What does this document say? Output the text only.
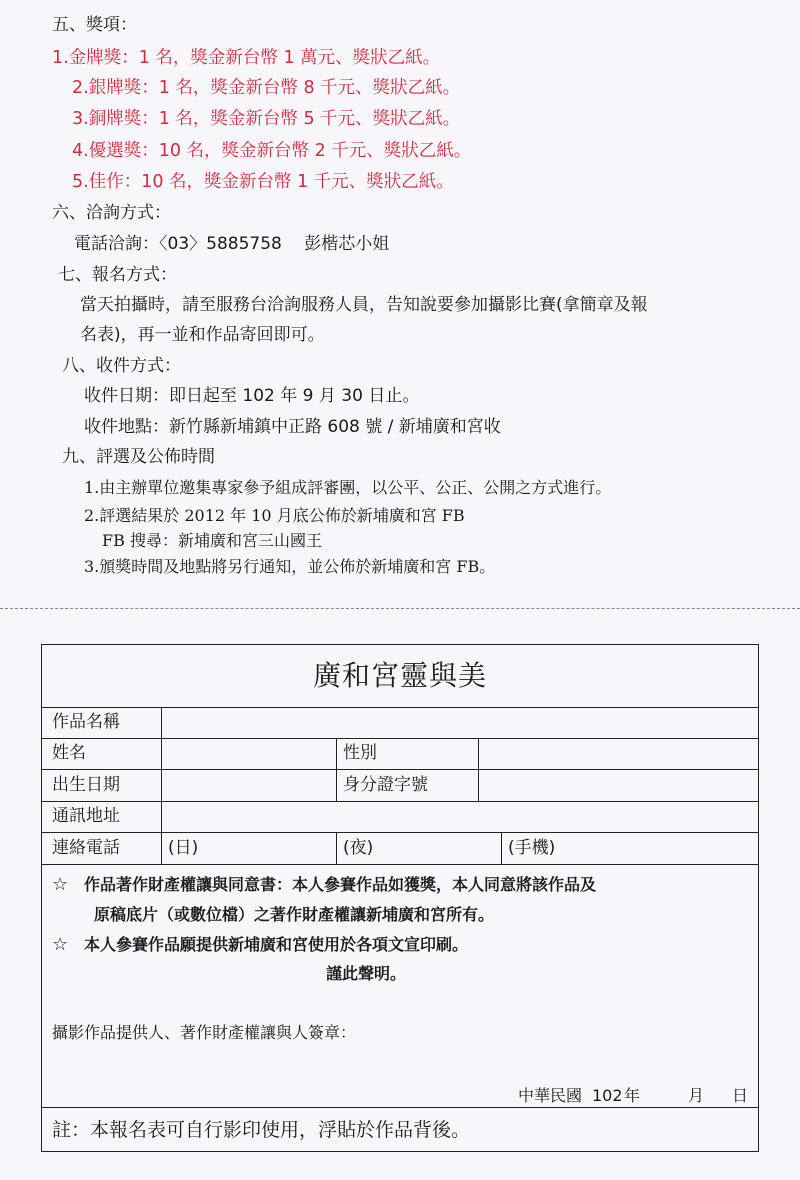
五、獎項：
1.金牌獎：1 名，獎金新台幣 1 萬元、獎狀乙紙。
2.銀牌獎：1 名，獎金新台幣 8 千元、獎狀乙紙。
3.銅牌獎：1 名，獎金新台幣 5 千元、獎狀乙紙。
4.優選獎：10 名，獎金新台幣 2 千元、獎狀乙紙。
5.佳作：10 名，獎金新台幣 1 千元、獎狀乙紙。
六、洽詢方式：
電話洽詢：〈03〉5885758　 彭楷芯小姐
七、報名方式：
當天拍攝時，請至服務台洽詢服務人員，告知說要參加攝影比賽(拿簡章及報
名表)，再一並和作品寄回即可。
八、收件方式：
收件日期：即日起至 102 年 9 月 30 日止。
收件地點：新竹縣新埔鎮中正路 608 號 / 新埔廣和宮收
九、評選及公佈時間
1.由主辦單位邀集專家參予組成評審團，以公平、公正、公開之方式進行。
2.評選結果於 2012 年 10 月底公佈於新埔廣和宮 FB
FB 搜尋：新埔廣和宮三山國王
3.頒獎時間及地點將另行通知，並公佈於新埔廣和宮 FB。
廣和宮靈與美
作品名稱
姓名	性別
出生日期	身分證字號
通訊地址
連絡電話	(日)	(夜)	(手機)
☆ 作品著作財產權讓與同意書：本人參賽作品如獲獎，本人同意將該作品及
原稿底片（或數位檔）之著作財產權讓新埔廣和宮所有。
☆ 本人參賽作品願提供新埔廣和宮使用於各項文宣印刷。
謹此聲明。
攝影作品提供人、著作財產權讓與人簽章：
中華民國 102 年	月 日
註：本報名表可自行影印使用，浮貼於作品背後。
